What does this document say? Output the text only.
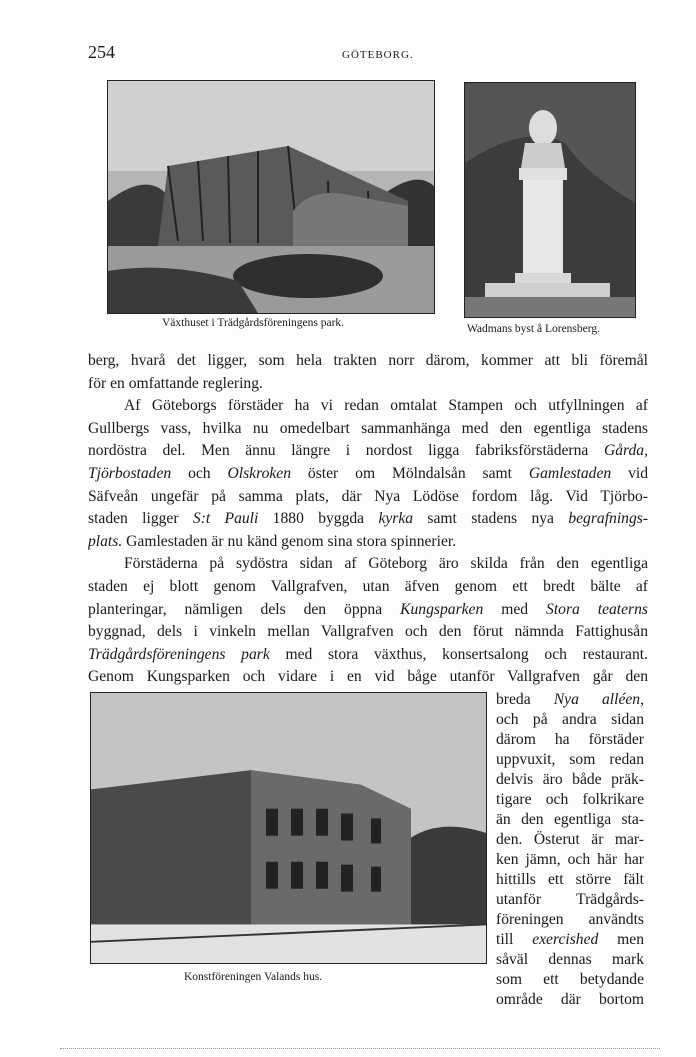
254	GÖTEBORG.
Växthuset i Trädgårdsföreningens park.	Wadmans byst å Lorensberg.
Konstföreningen Valands hus.
berg, hvarå det ligger, som hela trakten norr därom, kommer att bli föremål
för en omfattande reglering.
Af Göteborgs förstäder ha vi redan omtalat Stampen och utfyllningen af
Gullbergs vass, hvilka nu omedelbart sammanhänga med den egentliga stadens
nordöstra del. Men ännu längre i nordost ligga fabriksförstäderna Gårda,
Tjörbostaden och Olskroken öster om Mölndalsån samt Gamlestaden vid
Säfveån ungefär på samma plats, där Nya Lödöse fordom låg. Vid Tjörbo-
staden ligger S:t Pauli 1880 byggda kyrka samt stadens nya begrafnings-
plats. Gamlestaden är nu känd genom sina stora spinnerier.
Förstäderna på sydöstra sidan af Göteborg äro skilda från den egentliga
staden ej blott genom Vallgrafven, utan äfven genom ett bredt bälte af
planteringar, nämligen dels den öppna Kungsparken med Stora teaterns
byggnad, dels i vinkeln mellan Vallgrafven och den förut nämnda Fattighusån
Trädgårdsföreningens park med stora växthus, konsertsalong och restaurant.
Genom Kungsparken och vidare i en vid båge utanför Vallgrafven går den
breda Nya alléen,
och på andra sidan
därom ha förstäder
uppvuxit, som redan
delvis äro både präk-
tigare och folkrikare
än den egentliga sta-
den. Österut är mar-
ken jämn, och här har
hittills ett större fält
utanför Trädgårds-
föreningen användts
till exercished men
såväl dennas mark
som ett betydande
område där bortom
